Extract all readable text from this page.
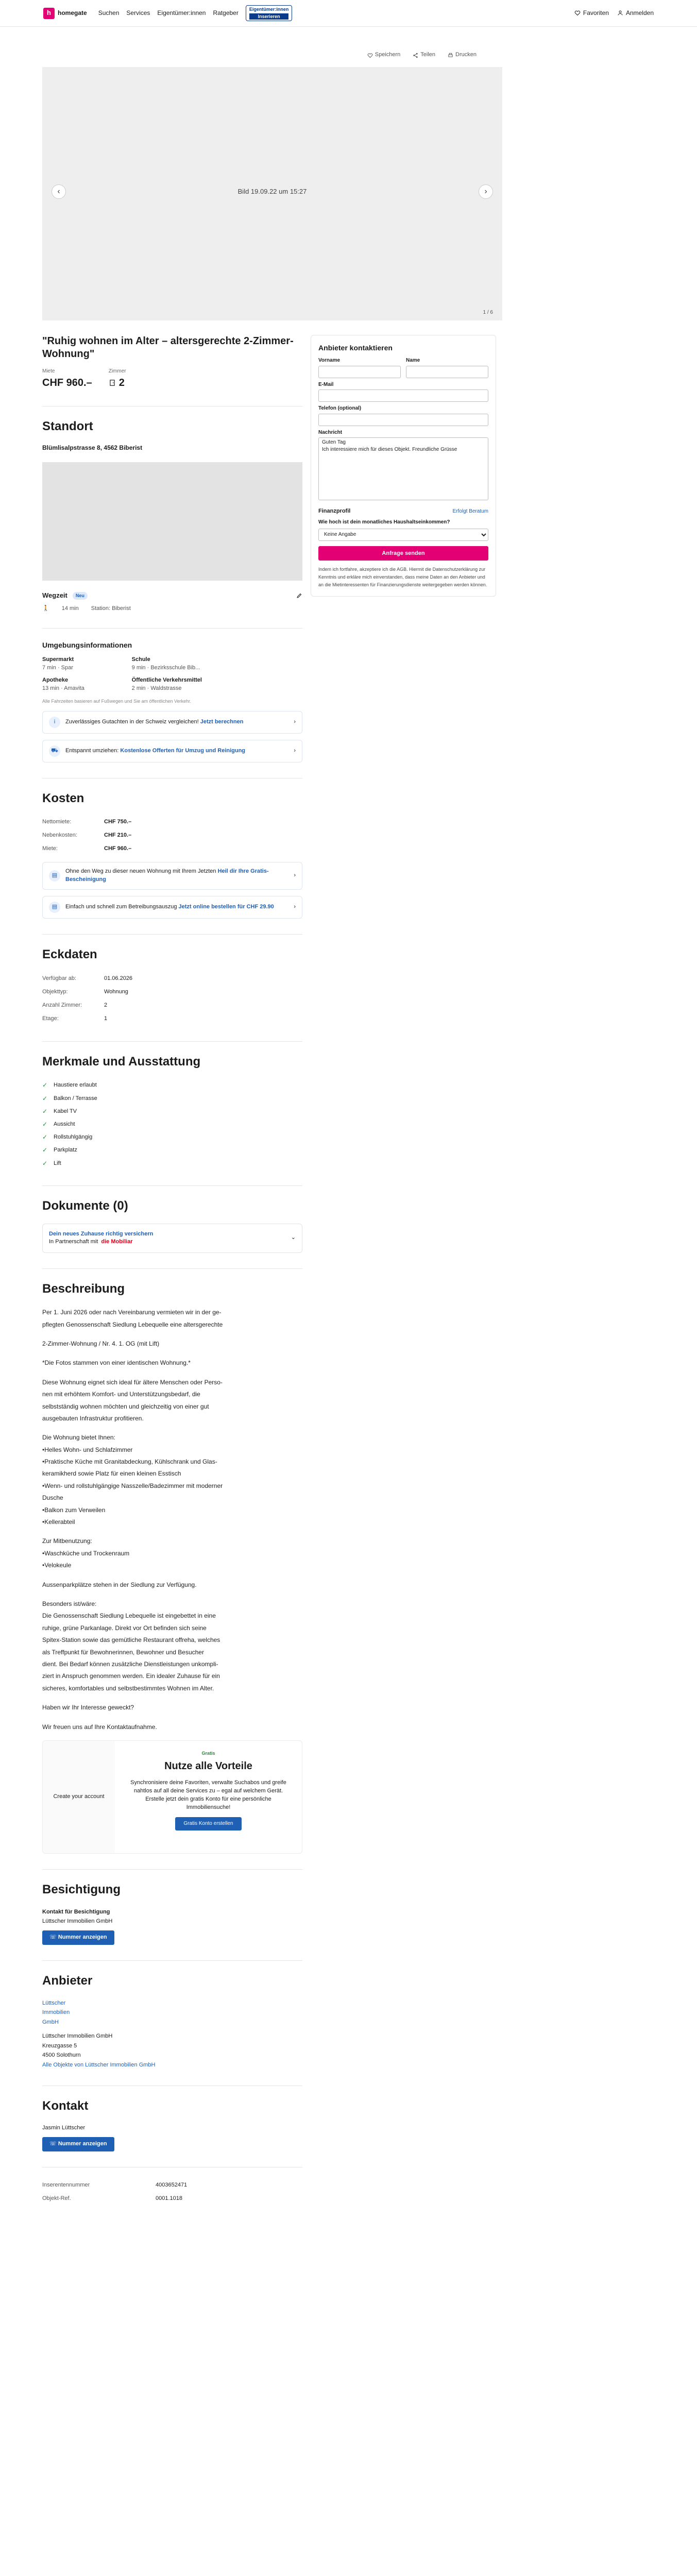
h	homegate Suchen Services Eigentümer:innen Ratgeber
Eigentümer:innen
Inserieren	Favoriten	Anmelden
Speichern	Teilen	Drucken
Bild 19.09.22 um 15:27
‹	›
1 / 6
"Ruhig wohnen im Alter – altersgerechte 2-Zimmer-Wohnung"
Miete
CHF 960.–
Zimmer
2
Standort
Blümlisalpstrasse 8, 4562 Biberist
Wegzeit	Neu
🚶 14 min Station: Biberist
Umgebungsinformationen
Supermarkt
7 min · Spar
Schule
9 min · Bezirksschule Bib...
Apotheke
13 min · Amavita
Öffentliche Verkehrsmittel
2 min · Waldstrasse
Alle Fahrzeiten basieren auf Fußwegen und Sie am öffentlichen Verkehr.
i	Zuverlässiges Gutachten in der Schweiz vergleichen! Jetzt berechnen	›
⛟	Entspannt umziehen: Kostenlose Offerten für Umzug und Reinigung	›
Kosten
Nettomiete:	CHF 750.–
Nebenkosten:	CHF 210.–
Miete:	CHF 960.–
▤
Ohne den Weg zu dieser neuen Wohnung mit Ihrem Jetzten Heil dir Ihre Gratis-Bescheinigung
›
▤	Einfach und schnell zum Betreibungsauszug Jetzt online bestellen für CHF 29.90	›
Eckdaten
Verfügbar ab:	01.06.2026
Objekttyp:	Wohnung
Anzahl Zimmer:	2
Etage:	1
Merkmale und Ausstattung
✓	Haustiere erlaubt
✓	Balkon / Terrasse
✓	Kabel TV
✓	Aussicht
✓	Rollstuhlgängig
✓	Parkplatz
✓	Lift
Dokumente (0)
Dein neues Zuhause richtig versichern
In Partnerschaft mit die Mobiliar
⌄
Beschreibung

Per 1. Juni 2026 oder nach Vereinbarung vermieten wir in der ge-
pflegten Genossenschaft Siedlung Lebequelle eine altersgerechte

2-Zimmer-Wohnung / Nr. 4. 1. OG (mit Lift)

*Die Fotos stammen von einer identischen Wohnung.*

Diese Wohnung eignet sich ideal für ältere Menschen oder Perso-
nen mit erhöhtem Komfort- und Unterstützungsbedarf, die
selbstständig wohnen möchten und gleichzeitig von einer gut
ausgebauten Infrastruktur profitieren.

Die Wohnung bietet Ihnen:
•Helles Wohn- und Schlafzimmer
•Praktische Küche mit Granitabdeckung, Kühlschrank und Glas-
keramikherd sowie Platz für einen kleinen Esstisch
•Wenn- und rollstuhlgängige Nasszelle/Badezimmer mit moderner
Dusche
•Balkon zum Verweilen
•Kellerabteil

Zur Mitbenutzung:
•Waschküche und Trockenraum
•Velokeule

Aussenparkplätze stehen in der Siedlung zur Verfügung.

Besonders ist/wäre:
Die Genossenschaft Siedlung Lebequelle ist eingebettet in eine
ruhige, grüne Parkanlage. Direkt vor Ort befinden sich seine
Spitex-Station sowie das gemütliche Restaurant offreha, welches
als Treffpunkt für Bewohnerinnen, Bewohner und Besucher
dient. Bei Bedarf können zusätzliche Dienstleistungen unkompli-
ziert in Anspruch genommen werden. Ein idealer Zuhause für ein
sicheres, komfortables und selbstbestimmtes Wohnen im Alter.

Haben wir Ihr Interesse geweckt?

Wir freuen uns auf Ihre Kontaktaufnahme.

Create your account
Gratis
Nutze alle Vorteile
Synchronisiere deine Favoriten, verwalte Suchabos und greife nahtlos auf all deine Services zu – egal auf welchem Gerät. Erstelle jetzt dein gratis Konto für eine persönliche Immobiliensuche!
Gratis Konto erstellen
Besichtigung
Kontakt für Besichtigung
Lüttscher Immobilien GmbH
☏ Nummer anzeigen
Anbieter
Lüttscher Immobilien GmbH
Lüttscher Immobilien GmbH
Kreuzgasse 5
4500 Solothurn
Alle Objekte von Lüttscher Immobilien GmbH
Kontakt
Jasmin Lüttscher
☏ Nummer anzeigen
Inserentennummer	4003652471
Objekt-Ref.	0001.1018
Anbieter kontaktieren
Vorname	Name
E-Mail
Telefon (optional)
Nachricht
Guten Tag Ich interessiere mich für dieses Objekt. Freundliche Grüsse
Finanzprofil	Erfolgt Beratum
Wie hoch ist dein monatliches Haushaltseinkommen?
Keine Angabe
Anfrage senden
Indem ich fortfahre, akzeptiere ich die AGB. Hiermit die Datenschutzerklärung zur Kenntnis und erkläre mich einverstanden, dass meine Daten an den Anbieter und an die Mietinteressenten für Finanzierungsdienste weitergegeben werden können.
